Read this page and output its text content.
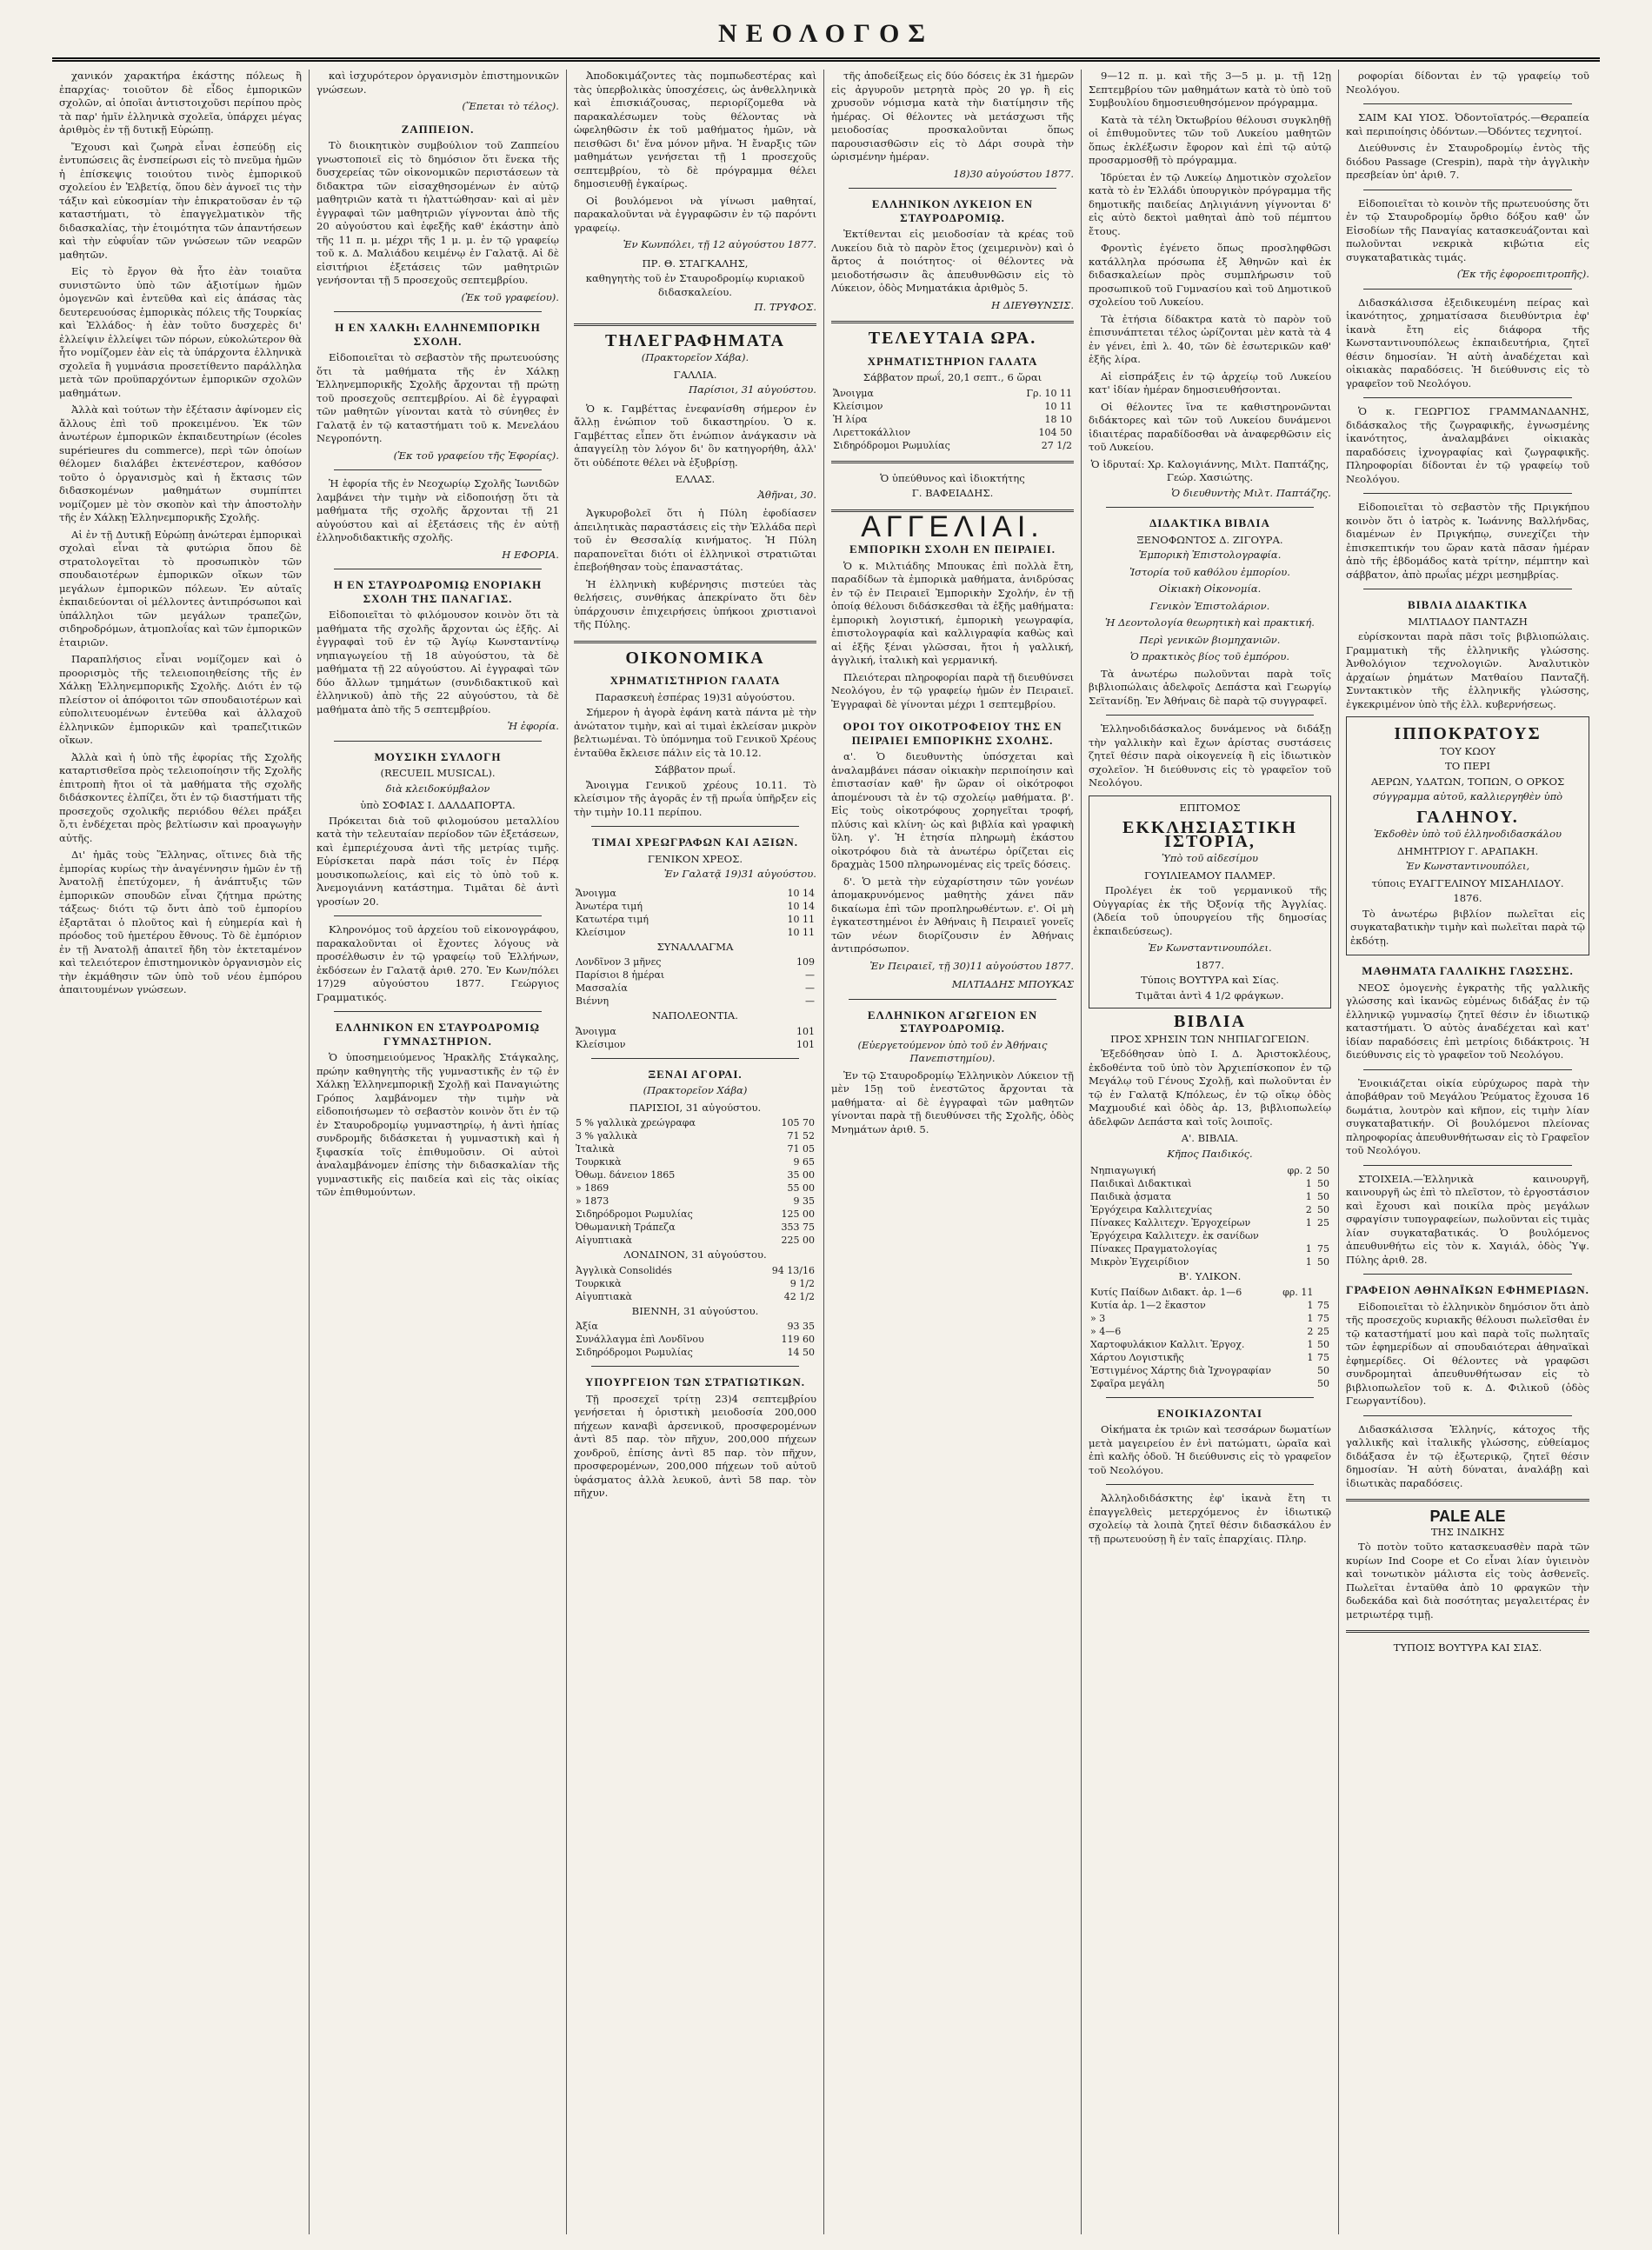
ΝΕΟΛΟΓΟΣ

χανικόν χαρακτήρα ἑκάστης πόλεως ἢ ἐπαρχίας· τοιοῦτον δὲ εἶδος ἐμπορικῶν σχολῶν, αἱ ὁποῖαι ἀντιστοιχοῦσι περίπου πρὸς τὰ παρ' ἡμῖν ἑλληνικὰ σχολεῖα, ὑπάρχει μέγας ἀριθμὸς ἐν τῇ δυτικῇ Εὐρώπῃ.

Ἔχουσι καὶ ζωηρὰ εἶναι ἐσπεύδῃ εἰς ἐντυπώσεις ἃς ἐνσπείρωσι εἰς τὸ πνεῦμα ἡμῶν ἡ ἐπίσκεψις τοιούτου τινὸς ἐμπορικοῦ σχολείου ἐν Ἑλβετίᾳ, ὅπου δὲν ἀγνοεῖ τις τὴν τάξιν καὶ εὐκοσμίαν τὴν ἐπικρατοῦσαν ἐν τῷ καταστήματι, τὸ ἐπαγγελματικὸν τῆς διδασκαλίας, τὴν ἑτοιμότητα τῶν ἀπαντήσεων καὶ τὴν εὐφυΐαν τῶν γνώσεων τῶν νεαρῶν μαθητῶν.

Εἰς τὸ ἔργον θὰ ἦτο ἐὰν τοιαῦτα συνιστῶντο ὑπὸ τῶν ἀξιοτίμων ἡμῶν ὁμογενῶν καὶ ἐντεῦθα καὶ εἰς ἁπάσας τὰς δευτερευούσας ἐμπορικὰς πόλεις τῆς Τουρκίας καὶ Ἑλλάδος· ἡ ἐὰν τοῦτο δυσχερὲς δι' ἐλλείψιν ἐλλείψει τῶν πόρων, εὐκολώτερον θὰ ἦτο νομίζομεν ἐὰν εἰς τὰ ὑπάρχοντα ἑλληνικὰ σχολεῖα ἢ γυμνάσια προσετίθεντο παράλληλα μετὰ τῶν προϋπαρχόντων ἐμπορικῶν σχολῶν μαθημάτων.

Ἀλλὰ καὶ τούτων τὴν ἐξέτασιν ἀφίνομεν εἰς ἄλλους ἐπὶ τοῦ προκειμένου. Ἐκ τῶν ἀνωτέρων ἐμπορικῶν ἐκπαιδευτηρίων (écoles supérieures du commerce), περὶ τῶν ὁποίων θέλομεν διαλάβει ἐκτενέστερον, καθόσον τοῦτο ὁ ὀργανισμὸς καὶ ἡ ἔκτασις τῶν διδασκομένων μαθημάτων συμπίπτει νομίζομεν μὲ τὸν σκοπὸν καὶ τὴν ἀποστολὴν τῆς ἐν Χάλκῃ Ἑλληνεμπορικῆς Σχολῆς.

Αἱ ἐν τῇ Δυτικῇ Εὐρώπῃ ἀνώτεραι ἐμπορικαὶ σχολαὶ εἶναι τὰ φυτώρια ὅπου δὲ στρατολογεῖται τὸ προσωπικὸν τῶν σπουδαιοτέρων ἐμπορικῶν οἴκων τῶν μεγάλων ἐμπορικῶν πόλεων. Ἐν αὐταῖς ἐκπαιδεύονται οἱ μέλλοντες ἀντιπρόσωποι καὶ ὑπάλληλοι τῶν μεγάλων τραπεζῶν, σιδηροδρόμων, ἀτμοπλοΐας καὶ τῶν ἐμπορικῶν ἑταιριῶν.

Παραπλήσιος εἶναι νομίζομεν καὶ ὁ προορισμὸς τῆς τελειοποιηθείσης τῆς ἐν Χάλκῃ Ἑλληνεμπορικῆς Σχολῆς. Διότι ἐν τῷ πλείστον οἱ ἀπόφοιτοι τῶν σπουδαιοτέρων καὶ εὐπολιτευομένων ἐντεῦθα καὶ ἀλλαχοῦ ἑλληνικῶν ἐμπορικῶν καὶ τραπεζιτικῶν οἴκων.

Ἀλλὰ καὶ ἡ ὑπὸ τῆς ἐφορίας τῆς Σχολῆς καταρτισθεῖσα πρὸς τελειοποίησιν τῆς Σχολῆς ἐπιτροπὴ ἤτοι οἱ τὰ μαθήματα τῆς σχολῆς διδάσκοντες ἐλπίζει, ὅτι ἐν τῷ διαστήματι τῆς προσεχοῦς σχολικῆς περιόδου θέλει πράξει ὅ,τι ἐνδέχεται πρὸς βελτίωσιν καὶ προαγωγὴν αὐτῆς.

Δι' ἡμᾶς τοὺς Ἕλληνας, οἵτινες διὰ τῆς ἐμπορίας κυρίως τὴν ἀναγέννησιν ἡμῶν ἐν τῇ Ἀνατολῇ ἐπετύχομεν, ἡ ἀνάπτυξις τῶν ἐμπορικῶν σπουδῶν εἶναι ζήτημα πρώτης τάξεως· διότι τῷ ὄντι ἀπὸ τοῦ ἐμπορίου ἐξαρτᾶται ὁ πλοῦτος καὶ ἡ εὐημερία καὶ ἡ πρόοδος τοῦ ἡμετέρου ἔθνους. Τὸ δὲ ἐμπόριον ἐν τῇ Ἀνατολῇ ἀπαιτεῖ ἤδη τὸν ἐκτεταμένον καὶ τελειότερον ἐπιστημονικὸν ὀργανισμὸν εἰς τὴν ἐκμάθησιν τῶν ὑπὸ τοῦ νέου ἐμπόρου ἀπαιτουμένων γνώσεων.

καὶ ἰσχυρότερον ὀργανισμὸν ἐπιστημονικῶν γνώσεων.

(Ἕπεται τὸ τέλος).
ΖΑΠΠΕΙΟΝ.

Τὸ διοικητικὸν συμβούλιον τοῦ Ζαππείου γνωστοποιεῖ εἰς τὸ δημόσιον ὅτι ἕνεκα τῆς δυσχερείας τῶν οἰκονομικῶν περιστάσεων τὰ διδακτρα τῶν εἰσαχθησομένων ἐν αὐτῷ μαθητριῶν κατὰ τι ἠλαττώθησαν· καὶ αἱ μὲν ἐγγραφαὶ τῶν μαθητριῶν γίγνονται ἀπὸ τῆς 20 αὐγούστου καὶ ἐφεξῆς καθ' ἑκάστην ἀπὸ τῆς 11 π. μ. μέχρι τῆς 1 μ. μ. ἐν τῷ γραφείῳ τοῦ κ. Δ. Μαλιάδου κειμένῳ ἐν Γαλατᾷ. Αἱ δὲ εἰσιτήριοι ἐξετάσεις τῶν μαθητριῶν γενήσονται τῇ 5 προσεχοῦς σεπτεμβρίου.

(Ἐκ τοῦ γραφείου).
Η ΕΝ ΧΑΛΚΗι ΕΛΛΗΝΕΜΠΟΡΙΚΗ ΣΧΟΛΗ.

Εἰδοποιεῖται τὸ σεβαστὸν τῆς πρωτευούσης ὅτι τὰ μαθήματα τῆς ἐν Χάλκῃ Ἑλληνεμπορικῆς Σχολῆς ἄρχονται τῇ πρώτῃ τοῦ προσεχοῦς σεπτεμβρίου. Αἱ δὲ ἐγγραφαὶ τῶν μαθητῶν γίνονται κατὰ τὸ σύνηθες ἐν Γαλατᾷ ἐν τῷ καταστήματι τοῦ κ. Μενελάου Νεγροπόντη.

(Ἐκ τοῦ γραφείου τῆς Ἐφορίας).

Ἡ ἐφορία τῆς ἐν Νεοχωρίῳ Σχολῆς Ἰωνιδῶν λαμβάνει τὴν τιμὴν νὰ εἰδοποιήσῃ ὅτι τὰ μαθήματα τῆς σχολῆς ἄρχονται τῇ 21 αὐγούστου καὶ αἱ ἐξετάσεις τῆς ἐν αὐτῇ ἑλληνοδιδακτικῆς σχολῆς.

Η ΕΦΟΡΙΑ.
Η ΕΝ ΣΤΑΥΡΟΔΡΟΜΙῼ ΕΝΟΡΙΑΚΗ ΣΧΟΛΗ ΤΗΣ ΠΑΝΑΓΙΑΣ.

Εἰδοποιεῖται τὸ φιλόμουσον κοινὸν ὅτι τὰ μαθήματα τῆς σχολῆς ἄρχονται ὡς ἑξῆς. Αἱ ἐγγραφαὶ τοῦ ἐν τῷ Ἁγίῳ Κωνσταντίνῳ νηπιαγωγείου τῇ 18 αὐγούστου, τὰ δὲ μαθήματα τῇ 22 αὐγούστου. Αἱ ἐγγραφαὶ τῶν δύο ἄλλων τμημάτων (συνδιδακτικοῦ καὶ ἑλληνικοῦ) ἀπὸ τῆς 22 αὐγούστου, τὰ δὲ μαθήματα ἀπὸ τῆς 5 σεπτεμβρίου.

Ἡ ἐφορία.
ΜΟΥΣΙΚΗ ΣΥΛΛΟΓΗ
(RECUEIL MUSICAL).
διὰ κλειδοκύμβαλον
ὑπὸ ΣΟΦΙΑΣ Ι. ΔΑΛΔΑΠΟΡΤΑ.

Πρόκειται διὰ τοῦ φιλομούσου μεταλλίου κατὰ τὴν τελευταίαν περίοδον τῶν ἐξετάσεων, καὶ ἐμπεριέχουσα ἀντὶ τῆς μετρίας τιμῆς. Εὑρίσκεται παρὰ πάσι τοῖς ἐν Πέρᾳ μουσικοπωλείοις, καὶ εἰς τὸ ὑπὸ τοῦ κ. Ἀνεμογιάννη κατάστημα. Τιμᾶται δὲ ἀντὶ γροσίων 20.

Κληρονόμος τοῦ ἀρχείου τοῦ εἰκονογράφου, παρακαλοῦνται οἱ ἔχοντες λόγους νὰ προσέλθωσιν ἐν τῷ γραφείῳ τοῦ Ἑλλήνων, ἐκδόσεων ἐν Γαλατᾷ ἀριθ. 270. Ἐν Κων/πόλει 17)29 αὐγούστου 1877. Γεώργιος Γραμματικός.

ΕΛΛΗΝΙΚΟΝ ΕΝ ΣΤΑΥΡΟΔΡΟΜΙῼ ΓΥΜΝΑΣΤΗΡΙΟΝ.

Ὁ ὑποσημειούμενος Ἡρακλῆς Στάγκαλης, πρώην καθηγητὴς τῆς γυμναστικῆς ἐν τῷ ἐν Χάλκῃ Ἑλληνεμπορικῇ Σχολῇ καὶ Παναγιώτης Γρόπος λαμβάνομεν τὴν τιμὴν νὰ εἰδοποιήσωμεν τὸ σεβαστὸν κοινὸν ὅτι ἐν τῷ ἐν Σταυροδρομίῳ γυμναστηρίῳ, ἡ ἀντὶ ἠπίας συνδρομῆς διδάσκεται ἡ γυμναστικὴ καὶ ἡ ξιφασκία τοῖς ἐπιθυμοῦσιν. Οἱ αὐτοὶ ἀναλαμβάνομεν ἐπίσης τὴν διδασκαλίαν τῆς γυμναστικῆς εἰς παιδεία καὶ εἰς τὰς οἰκίας τῶν ἐπιθυμούντων.

Ἀποδοκιμάζοντες τὰς πομπωδεστέρας καὶ τὰς ὑπερβολικὰς ὑποσχέσεις, ὡς ἀνθελληνικὰ καὶ ἐπισκιάζουσας, περιορίζομεθα νὰ παρακαλέσωμεν τοὺς θέλοντας νὰ ὠφεληθῶσιν ἐκ τοῦ μαθήματος ἡμῶν, νὰ πεισθῶσι δι' ἕνα μόνον μῆνα. Ἡ ἔναρξις τῶν μαθημάτων γενήσεται τῇ 1 προσεχοῦς σεπτεμβρίου, τὸ δὲ πρόγραμμα θέλει δημοσιευθῇ ἐγκαίρως.

Οἱ βουλόμενοι νὰ γίνωσι μαθηταί, παρακαλοῦνται νὰ ἐγγραφῶσιν ἐν τῷ παρόντι γραφείῳ.

Ἐν Κωνπόλει, τῇ 12 αὐγούστου 1877.
ΠΡ. Θ. ΣΤΑΓΚΑΛΗΣ,
καθηγητὴς τοῦ ἐν Σταυροδρομίῳ κυριακοῦ διδασκαλείου.
Π. ΤΡΥΦΟΣ.
ΤΗΛΕΓΡΑΦΗΜΑΤΑ
(Πρακτορεῖον Χάβα).
ΓΑΛΛΙΑ.
Παρίσιοι, 31 αὐγούστου.

Ὁ κ. Γαμβέττας ἐνεφανίσθη σήμερον ἐν ἄλλῃ ἐνώπιον τοῦ δικαστηρίου. Ὁ κ. Γαμβέττας εἶπεν ὅτι ἐνώπιον ἀνάγκασιν νὰ ἀπαγγείλῃ τὸν λόγον δι' ὃν κατηγορήθη, ἀλλ' ὅτι οὐδέποτε θέλει νὰ ἐξυβρίσῃ.

ΕΛΛΑΣ.
Ἀθῆναι, 30.

Ἀγκυροβολεῖ ὅτι ἡ Πύλη ἐφοδίασεν ἀπειλητικὰς παραστάσεις εἰς τὴν Ἑλλάδα περὶ τοῦ ἐν Θεσσαλίᾳ κινήματος. Ἡ Πύλη παραπονεῖται διότι οἱ ἑλληνικοὶ στρατιῶται ἐπεβοήθησαν τοὺς ἐπαναστάτας.

Ἡ ἑλληνικὴ κυβέρνησις πιστεύει τὰς θελήσεις, συνθήκας ἀπεκρίνατο ὅτι δὲν ὑπάρχουσιν ἐπιχειρήσεις ὑπήκοοι χριστιανοὶ τῆς Πύλης.

ΟΙΚΟΝΟΜΙΚΑ
ΧΡΗΜΑΤΙΣΤΗΡΙΟΝ ΓΑΛΑΤΑ
Παρασκευὴ ἑσπέρας 19)31 αὐγούστου.

Σήμερον ἡ ἀγορὰ ἐφάνη κατὰ πάντα μὲ τὴν ἀνώτατον τιμὴν, καὶ αἱ τιμαὶ ἐκλείσαν μικρὸν βελτιωμέναι. Τὸ ὑπόμνημα τοῦ Γενικοῦ Χρέους ἐνταῦθα ἔκλεισε πάλιν εἰς τὰ 10.12.

Σάββατον πρωΐ.

Ἄνοιγμα Γενικοῦ χρέους 10.11. Τὸ κλείσιμον τῆς ἀγορᾶς ἐν τῇ πρωΐα ὑπῆρξεν εἰς τὴν τιμὴν 10.11 περίπου.

ΤΙΜΑΙ ΧΡΕΩΓΡΑΦΩΝ ΚΑΙ ΑΞΙΩΝ.
ΓΕΝΙΚΟΝ ΧΡΕΟΣ.
Ἐν Γαλατᾷ 19)31 αὐγούστου.
Ἄνοιγμα	10 14
Ἀνωτέρα τιμή	10 14
Κατωτέρα τιμή	10 11
Κλείσιμον	10 11
ΣΥΝΑΛΛΑΓΜΑ
Λονδῖνον 3 μῆνες	109
Παρίσιοι 8 ἡμέραι	—
Μασσαλία	—
Βιέννη	—
ΝΑΠΟΛΕΟΝΤΙΑ.
Ἄνοιγμα	101
Κλείσιμον	101
ΞΕΝΑΙ ΑΓΟΡΑΙ.
(Πρακτορεῖον Χάβα)
ΠΑΡΙΣΙΟΙ, 31 αὐγούστου.
5 % γαλλικὰ χρεώγραφα	105 70
3 % γαλλικὰ	71 52
Ἰταλικὰ	71 05
Τουρκικὰ	9 65
Ὀθωμ. δάνειον 1865	35 00
» 1869	55 00
» 1873	9 35
Σιδηρόδρομοι Ρωμυλίας	125 00
Ὀθωμανικὴ Τράπεζα	353 75
Αἰγυπτιακὰ	225 00
ΛΟΝΔΙΝΟΝ, 31 αὐγούστου.
Ἀγγλικὰ Consolidés	94 13/16
Τουρκικὰ	9 1/2
Αἰγυπτιακὰ	42 1/2
ΒΙΕΝΝΗ, 31 αὐγούστου.
Ἀξία	93 35
Συνάλλαγμα ἐπὶ Λονδῖνου	119 60
Σιδηρόδρομοι Ρωμυλίας	14 50
ΥΠΟΥΡΓΕΙΟΝ ΤΩΝ ΣΤΡΑΤΙΩΤΙΚΩΝ.

Τῇ προσεχεῖ τρίτῃ 23)4 σεπτεμβρίου γενήσεται ἡ ὁριστικὴ μειοδοσία 200,000 πήχεων καναβὶ ἀρσενικοῦ, προσφερομένων ἀντὶ 85 παρ. τὸν πῆχυν, 200,000 πήχεων χονδροῦ, ἐπίσης ἀντὶ 85 παρ. τὸν πῆχυν, προσφερομένων, 200,000 πήχεων τοῦ αὐτοῦ ὑφάσματος ἀλλὰ λευκοῦ, ἀντὶ 58 παρ. τὸν πῆχυν.

τῆς ἀποδείξεως εἰς δύο δόσεις ἐκ 31 ἡμερῶν εἰς ἀργυροῦν μετρητὰ πρὸς 20 γρ. ἢ εἰς χρυσοῦν νόμισμα κατὰ τὴν διατίμησιν τῆς ἡμέρας. Οἱ θέλοντες νὰ μετάσχωσι τῆς μειοδοσίας προσκαλοῦνται ὅπως παρουσιασθῶσιν εἰς τὸ Δάρι σουρὰ τὴν ὡρισμένην ἡμέραν.

18)30 αὐγούστου 1877.
ΕΛΛΗΝΙΚΟΝ ΛΥΚΕΙΟΝ ΕΝ ΣΤΑΥΡΟΔΡΟΜΙῼ.

Ἐκτίθενται εἰς μειοδοσίαν τὰ κρέας τοῦ Λυκείου διὰ τὸ παρὸν ἔτος (χειμερινὸν) καὶ ὁ ἄρτος ἀ ποιότητος· οἱ θέλοντες νὰ μειοδοτήσωσιν ἂς ἀπευθυνθῶσιν εἰς τὸ Λύκειον, ὁδὸς Μνηματάκια ἀριθμὸς 5.

Η ΔΙΕΥΘΥΝΣΙΣ.
ΤΕΛΕΥΤΑΙΑ ΩΡΑ.
ΧΡΗΜΑΤΙΣΤΗΡΙΟΝ ΓΑΛΑΤΑ
Σάββατον πρωΐ, 20,1 σεπτ., 6 ὥραι
Ἄνοιγμα	Γρ. 10 11
Κλείσιμον	10 11
Ἡ λίρα	18 10
Λιρεττοκάλλιον	104 50
Σιδηρόδρομοι Ρωμυλίας	27 1/2
Ὁ ὑπεύθυνος καὶ ἰδιοκτήτης
Γ. ΒΑΦΕΙΑΔΗΣ.
ΑΓΓΕΛΙΑΙ.
ΕΜΠΟΡΙΚΗ ΣΧΟΛΗ ΕΝ ΠΕΙΡΑΙΕΙ.

Ὁ κ. Μιλτιάδης Μπουκας ἐπὶ πολλὰ ἔτη, παραδίδων τὰ ἐμπορικὰ μαθήματα, ἀνιδρύσας ἐν τῷ ἐν Πειραιεῖ Ἐμπορικὴν Σχολήν, ἐν τῇ ὁποίᾳ θέλουσι διδάσκεσθαι τὰ ἑξῆς μαθήματα: ἐμπορικὴ λογιστική, ἐμπορικὴ γεωγραφία, ἐπιστολογραφία καὶ καλλιγραφία καθὼς καὶ αἱ ἑξῆς ξέναι γλῶσσαι, ἤτοι ἡ γαλλική, ἀγγλική, ἰταλικὴ καὶ γερμανική.

Πλειότεραι πληροφορίαι παρὰ τῇ διευθύνσει Νεολόγου, ἐν τῷ γραφείῳ ἡμῶν ἐν Πειραιεῖ. Ἐγγραφαὶ δὲ γίνονται μέχρι 1 σεπτεμβρίου.

ΟΡΟΙ ΤΟΥ ΟΙΚΟΤΡΟΦΕΙΟΥ ΤΗΣ ΕΝ ΠΕΙΡΑΙΕΙ ΕΜΠΟΡΙΚΗΣ ΣΧΟΛΗΣ.

α'. Ὁ διευθυντὴς ὑπόσχεται καὶ ἀναλαμβάνει πάσαν οἰκιακὴν περιποίησιν καὶ ἐπιστασίαν καθ' ἣν ὥραν οἱ οἰκότροφοι ἀπομένουσι τὰ ἐν τῷ σχολείῳ μαθήματα. β'. Εἰς τοὺς οἰκοτρόφους χορηγεῖται τροφή, πλύσις καὶ κλίνη· ὡς καὶ βιβλία καὶ γραφικὴ ὕλη. γ'. Ἡ ἐτησία πληρωμὴ ἑκάστου οἰκοτρόφου διὰ τὰ ἀνωτέρω ὁρίζεται εἰς δραχμὰς 1500 πληρωνομένας εἰς τρεῖς δόσεις.

δ'. Ὁ μετὰ τὴν εὐχαρίστησιν τῶν γονέων ἀπομακρυνόμενος μαθητὴς χάνει πᾶν δικαίωμα ἐπὶ τῶν προπληρωθέντων. ε'. Οἱ μὴ ἐγκατεστημένοι ἐν Ἀθήναις ἢ Πειραιεῖ γονεῖς τῶν νέων διορίζουσιν ἐν Ἀθήναις ἀντιπρόσωπον.

Ἐν Πειραιεῖ, τῇ 30)11 αὐγούστου 1877.
ΜΙΛΤΙΑΔΗΣ ΜΠΟΥΚΑΣ
ΕΛΛΗΝΙΚΟΝ ΑΓΩΓΕΙΟΝ ΕΝ ΣΤΑΥΡΟΔΡΟΜΙῼ.
(Εὐεργετούμενον ὑπὸ τοῦ ἐν Ἀθήναις Πανεπιστημίου).

Ἐν τῷ Σταυροδρομίῳ Ἑλληνικὸν Λύκειον τῇ μὲν 15ῃ τοῦ ἐνεστῶτος ἄρχονται τὰ μαθήματα· αἱ δὲ ἐγγραφαὶ τῶν μαθητῶν γίνονται παρὰ τῇ διευθύνσει τῆς Σχολῆς, ὁδὸς Μνημάτων ἀριθ. 5.

9—12 π. μ. καὶ τῆς 3—5 μ. μ. τῇ 12ῃ Σεπτεμβρίου τῶν μαθημάτων κατὰ τὸ ὑπὸ τοῦ Συμβουλίου δημοσιευθησόμενον πρόγραμμα.

Κατὰ τὰ τέλη Ὀκτωβρίου θέλουσι συγκληθῇ οἱ ἐπιθυμοῦντες τῶν τοῦ Λυκείου μαθητῶν ὅπως ἐκλέξωσιν ἔφορον καὶ ἐπὶ τῷ αὐτῷ προσαρμοσθῇ τὸ πρόγραμμα.

Ἱδρύεται ἐν τῷ Λυκείῳ Δημοτικὸν σχολεῖον κατὰ τὸ ἐν Ἑλλάδι ὑπουργικὸν πρόγραμμα τῆς δημοτικῆς παιδείας Δηλιγιάννη γίγνονται δ' εἰς αὐτὸ δεκτοὶ μαθηταὶ ἀπὸ τοῦ πέμπτου ἔτους.

Φροντὶς ἐγένετο ὅπως προσληφθῶσι κατάλληλα πρόσωπα ἐξ Ἀθηνῶν καὶ ἐκ διδασκαλείων πρὸς συμπλήρωσιν τοῦ προσωπικοῦ τοῦ Γυμνασίου καὶ τοῦ Δημοτικοῦ σχολείου τοῦ Λυκείου.

Τὰ ἐτήσια δίδακτρα κατὰ τὸ παρὸν τοῦ ἐπισυνάπτεται τέλος ὡρίζονται μὲν κατὰ τὰ 4 ἐν γένει, ἐπὶ λ. 40, τῶν δὲ ἐσωτερικῶν καθ' ἑξῆς λίρα.

Αἱ εἰσπράξεις ἐν τῷ ἀρχείῳ τοῦ Λυκείου κατ' ἰδίαν ἡμέραν δημοσιευθήσονται.

Οἱ θέλοντες ἵνα τε καθιστηρονῶνται διδάκτορες καὶ τῶν τοῦ Λυκείου δυνάμενοι ἰδιαιτέρας παραδίδοσθαι νὰ ἀναφερθῶσιν εἰς τοῦ Λυκείου.

Ὁ ἱδρυταί: Χρ. Καλογιάννης, Μιλτ. Παπτάζης, Γεώρ. Χασιώτης.
Ὁ διευθυντὴς Μιλτ. Παπτάζης.
ΔΙΔΑΚΤΙΚΑ ΒΙΒΛΙΑ
ΞΕΝΟΦΩΝΤΟΣ Δ. ΖΙΓΟΥΡΑ.
Ἐμπορικὴ Ἐπιστολογραφία.
Ἰστορία τοῦ καθόλου ἐμπορίου.
Οἰκιακὴ Οἰκονομία.
Γενικὸν Ἐπιστολάριον.
Ἡ Δεοντολογία θεωρητικὴ καὶ πρακτική.
Περὶ γενικῶν βιομηχανιῶν.
Ὁ πρακτικὸς βίος τοῦ ἐμπόρου.

Τὰ ἀνωτέρω πωλοῦνται παρὰ τοῖς βιβλιοπώλαις ἀδελφοῖς Δεπάστα καὶ Γεωργίῳ Σεϊτανίδῃ. Ἐν Ἀθήναις δὲ παρὰ τῷ συγγραφεῖ.

Ἑλληνοδιδάσκαλος δυνάμενος νὰ διδάξῃ τὴν γαλλικὴν καὶ ἔχων ἀρίστας συστάσεις ζητεῖ θέσιν παρὰ οἰκογενείᾳ ἢ εἰς ἰδιωτικὸν σχολεῖον. Ἡ διεύθυνσις εἰς τὸ γραφεῖον τοῦ Νεολόγου.

ΕΠΙΤΟΜΟΣ
ΕΚΚΛΗΣΙΑΣΤΙΚΗ ΙΣΤΟΡΙΑ,
Ὑπὸ τοῦ αἰδεσίμου
ΓΟΥΙΛΙΕΑΜΟΥ ΠΑΛΜΕΡ.

Προλέγει ἐκ τοῦ γερμανικοῦ τῆς Οὐγγαρίας ἐκ τῆς Ὀξονίᾳ τῆς Ἀγγλίας. (Ἀδεία τοῦ ὑπουργείου τῆς δημοσίας ἐκπαιδεύσεως).

Ἐν Κωνσταντινουπόλει.
1877.
Τύποις ΒΟΥΤΥΡΑ καὶ Σίας.
Τιμᾶται ἀντὶ 4 1/2 φράγκων.
ΒΙΒΛΙΑ
ΠΡΟΣ ΧΡΗΣΙΝ ΤΩΝ ΝΗΠΙΑΓΩΓΕΙΩΝ.

Ἐξεδόθησαν ὑπὸ Ι. Δ. Ἀριστοκλέους, ἐκδοθέντα τοῦ ὑπὸ τὸν Ἀρχιεπίσκοπον ἐν τῷ Μεγάλῳ τοῦ Γένους Σχολῇ, καὶ πωλοῦνται ἐν τῷ ἐν Γαλατᾷ Κ/πόλεως, ἐν τῷ οἴκῳ ὁδὸς Μαχμουδιέ καὶ ὁδὸς ἀρ. 13, βιβλιοπωλείῳ ἀδελφῶν Δεπάστα καὶ τοῖς λοιποῖς.

Α'. ΒΙΒΛΙΑ.
Κῆπος Παιδικός.
Νηπιαγωγική	φρ. 2	50
Παιδικαὶ Διδακτικαὶ	1	50
Παιδικὰ ᾀσματα	1	50
Ἐργόχειρα Καλλιτεχνίας	2	50
Πίνακες Καλλιτεχν. Ἐργοχείρων	1	25
Ἐργόχειρα Καλλιτεχν. ἐκ σανίδων		
Πίνακες Πραγματολογίας	1	75
Μικρὸν Ἐγχειρίδιον	1	50
Β'. ΥΛΙΚΟΝ.
Κυτίς Παίδων Διδακτ. ἀρ. 1—6	φρ. 11	
Κυτία ἀρ. 1—2 ἕκαστον	1	75
» 3	1	75
» 4—6	2	25
Χαρτοφυλάκιον Καλλιτ. Ἐργοχ.	1	50
Χάρτου Λογιστικῆς	1	75
Ἐστιγμένος Χάρτης διὰ Ἰχνογραφίαν		50
Σφαῖρα μεγάλη		50
ΕΝΟΙΚΙΑΖΟΝΤΑΙ

Οἰκήματα ἐκ τριῶν καὶ τεσσάρων δωματίων μετὰ μαγειρείου ἐν ἑνὶ πατώματι, ὡραῖα καὶ ἐπὶ καλῆς ὁδοῦ. Ἡ διεύθυνσις εἰς τὸ γραφεῖον τοῦ Νεολόγου.

Ἀλληλοδιδάσκτης ἐφ' ἱκανὰ ἔτη τι ἐπαγγελθεὶς μετερχόμενος ἐν ἰδιωτικῷ σχολείῳ τὰ λοιπὰ ζητεῖ θέσιν διδασκάλου ἐν τῇ πρωτευούσῃ ἢ ἐν ταῖς ἐπαρχίαις. Πληρ.

ροφορίαι δίδονται ἐν τῷ γραφείῳ τοῦ Νεολόγου.

ΣΑΙΜ ΚΑΙ ΥΙΟΣ. Ὀδοντοϊατρός.—Θεραπεία καὶ περιποίησις ὀδόντων.—Ὀδόντες τεχνητοί.

Διεύθυνσις ἐν Σταυροδρομίῳ ἐντὸς τῆς διόδου Passage (Crespin), παρὰ τὴν ἀγγλικὴν πρεσβείαν ὑπ' ἀριθ. 7.

Εἰδοποιεῖται τὸ κοινὸν τῆς πρωτευούσης ὅτι ἐν τῷ Σταυροδρομίῳ ὄρθιο δόξου καθ' ὧν Εἰσοδίων τῆς Παναγίας κατασκευάζονται καὶ πωλοῦνται νεκρικὰ κιβώτια εἰς συγκαταβατικὰς τιμάς.

(Ἐκ τῆς ἐφοροεπιτροπῆς).

Διδασκάλισσα ἐξειδικευμένη πείρας καὶ ἱκανότητος, χρηματίσασα διευθύντρια ἐφ' ἱκανὰ ἔτη εἰς διάφορα τῆς Κωνσταντινουπόλεως ἐκπαιδευτήρια, ζητεῖ θέσιν δημοσίαν. Ἡ αὐτὴ ἀναδέχεται καὶ οἰκιακὰς παραδόσεις. Ἡ διεύθυνσις εἰς τὸ γραφεῖον τοῦ Νεολόγου.

Ὁ κ. ΓΕΩΡΓΙΟΣ ΓΡΑΜΜΑΝΔΑΝΗΣ, διδάσκαλος τῆς ζωγραφικῆς, ἐγνωσμένης ἱκανότητος, ἀναλαμβάνει οἰκιακὰς παραδόσεις ἰχνογραφίας καὶ ζωγραφικῆς. Πληροφορίαι δίδονται ἐν τῷ γραφείῳ τοῦ Νεολόγου.

Εἰδοποιεῖται τὸ σεβαστὸν τῆς Πριγκήπου κοινὸν ὅτι ὁ ἰατρὸς κ. Ἰωάννης Βαλλήνδας, διαμένων ἐν Πριγκήπῳ, συνεχίζει τὴν ἐπισκεπτικήν του ὥραν κατὰ πᾶσαν ἡμέραν ἀπὸ τῆς ἑβδομάδος κατὰ τρίτην, πέμπτην καὶ σάββατον, ἀπὸ πρωΐας μέχρι μεσημβρίας.

ΒΙΒΛΙΑ ΔΙΔΑΚΤΙΚΑ
ΜΙΛΤΙΑΔΟΥ ΠΑΝΤΑΖΗ

εὑρίσκονται παρὰ πᾶσι τοῖς βιβλιοπώλαις. Γραμματικὴ τῆς ἑλληνικῆς γλώσσης. Ἀνθολόγιον τεχνολογιῶν. Ἀναλυτικὸν ἀρχαίων ῥημάτων Ματθαίου Πανταζῆ. Συντακτικὸν τῆς ἑλληνικῆς γλώσσης, ἐγκεκριμένον ὑπὸ τῆς ἑλλ. κυβερνήσεως.

ΙΠΠΟΚΡΑΤΟΥΣ
ΤΟΥ ΚΩΟΥ
ΤΟ ΠΕΡΙ
ΑΕΡΩΝ, ΥΔΑΤΩΝ, ΤΟΠΩΝ, Ο ΟΡΚΟΣ
σύγγραμμα αὐτοῦ, καλλιεργηθὲν ὑπὸ
ΓΑΛΗΝΟΥ.
Ἐκδοθὲν ὑπὸ τοῦ ἑλληνοδιδασκάλου
ΔΗΜΗΤΡΙΟΥ Γ. ΑΡΑΠΑΚΗ.
Ἐν Κωνσταντινουπόλει,
τύποις ΕΥΑΓΓΕΛΙΝΟΥ ΜΙΣΑΗΛΙΔΟΥ.
1876.

Τὸ ἀνωτέρω βιβλίον πωλεῖται εἰς συγκαταβατικὴν τιμὴν καὶ πωλεῖται παρὰ τῷ ἐκδότῃ.

ΜΑΘΗΜΑΤΑ ΓΑΛΛΙΚΗΣ ΓΛΩΣΣΗΣ.

ΝΕΟΣ ὁμογενὴς ἐγκρατὴς τῆς γαλλικῆς γλώσσης καὶ ἱκανῶς εὐμένως διδάξας ἐν τῷ ἑλληνικῷ γυμνασίῳ ζητεῖ θέσιν ἐν ἰδιωτικῷ καταστήματι. Ὁ αὐτὸς ἀναδέχεται καὶ κατ' ἰδίαν παραδόσεις ἐπὶ μετρίοις διδάκτροις. Ἡ διεύθυνσις εἰς τὸ γραφεῖον τοῦ Νεολόγου.

Ἐνοικιάζεται οἰκία εὐρύχωρος παρὰ τὴν ἀποβάθραν τοῦ Μεγάλου Ῥεύματος ἔχουσα 16 δωμάτια, λουτρὸν καὶ κῆπον, εἰς τιμὴν λίαν συγκαταβατικήν. Οἱ βουλόμενοι πλείονας πληροφορίας ἀπευθυνθήτωσαν εἰς τὸ Γραφεῖον τοῦ Νεολόγου.

ΣΤΟΙΧΕΙΑ.—Ἑλληνικὰ καινουργῆ, καινουργῆ ὡς ἐπὶ τὸ πλεῖστον, τὸ ἐργοστάσιον καὶ ἔχουσι καὶ ποικίλα πρὸς μεγάλων σφραγίσιν τυπογραφείων, πωλοῦνται εἰς τιμὰς λίαν συγκαταβατικάς. Ὁ βουλόμενος ἀπευθυνθήτω εἰς τὸν κ. Χαγιάλ, ὁδὸς Ὑψ. Πύλης ἀριθ. 28.

ΓΡΑΦΕΙΟΝ ΑΘΗΝΑΪΚΩΝ ΕΦΗΜΕΡΙΔΩΝ.

Εἰδοποιεῖται τὸ ἑλληνικὸν δημόσιον ὅτι ἀπὸ τῆς προσεχοῦς κυριακῆς θέλουσι πωλεῖσθαι ἐν τῷ καταστήματί μου καὶ παρὰ τοῖς πωληταῖς τῶν ἐφημερίδων αἱ σπουδαιότεραι ἀθηναϊκαὶ ἐφημερίδες. Οἱ θέλοντες νὰ γραφῶσι συνδρομηταὶ ἀπευθυνθήτωσαν εἰς τὸ βιβλιοπωλεῖον τοῦ κ. Δ. Φιλικοῦ (ὁδὸς Γεωργαντίδου).

Διδασκάλισσα Ἑλληνίς, κάτοχος τῆς γαλλικῆς καὶ ἰταλικῆς γλώσσης, εὐθείαμος διδάξασα ἐν τῷ ἐξωτερικῷ, ζητεῖ θέσιν δημοσίαν. Ἡ αὐτὴ δύναται, ἀναλάβῃ καὶ ἰδιωτικὰς παραδόσεις.

PALE ALE
ΤΗΣ ΙΝΔΙΚΗΣ

Τὸ ποτὸν τοῦτο κατασκευασθὲν παρὰ τῶν κυρίων Ind Coope et Co εἶναι λίαν ὑγιεινὸν καὶ τονωτικὸν μάλιστα εἰς τοὺς ἀσθενεῖς. Πωλεῖται ἐνταῦθα ἀπὸ 10 φραγκῶν τὴν δωδεκάδα καὶ διὰ ποσότητας μεγαλειτέρας ἐν μετριωτέρᾳ τιμῇ.

ΤΥΠΟΙΣ ΒΟΥΤΥΡΑ ΚΑΙ ΣΙΑΣ.
